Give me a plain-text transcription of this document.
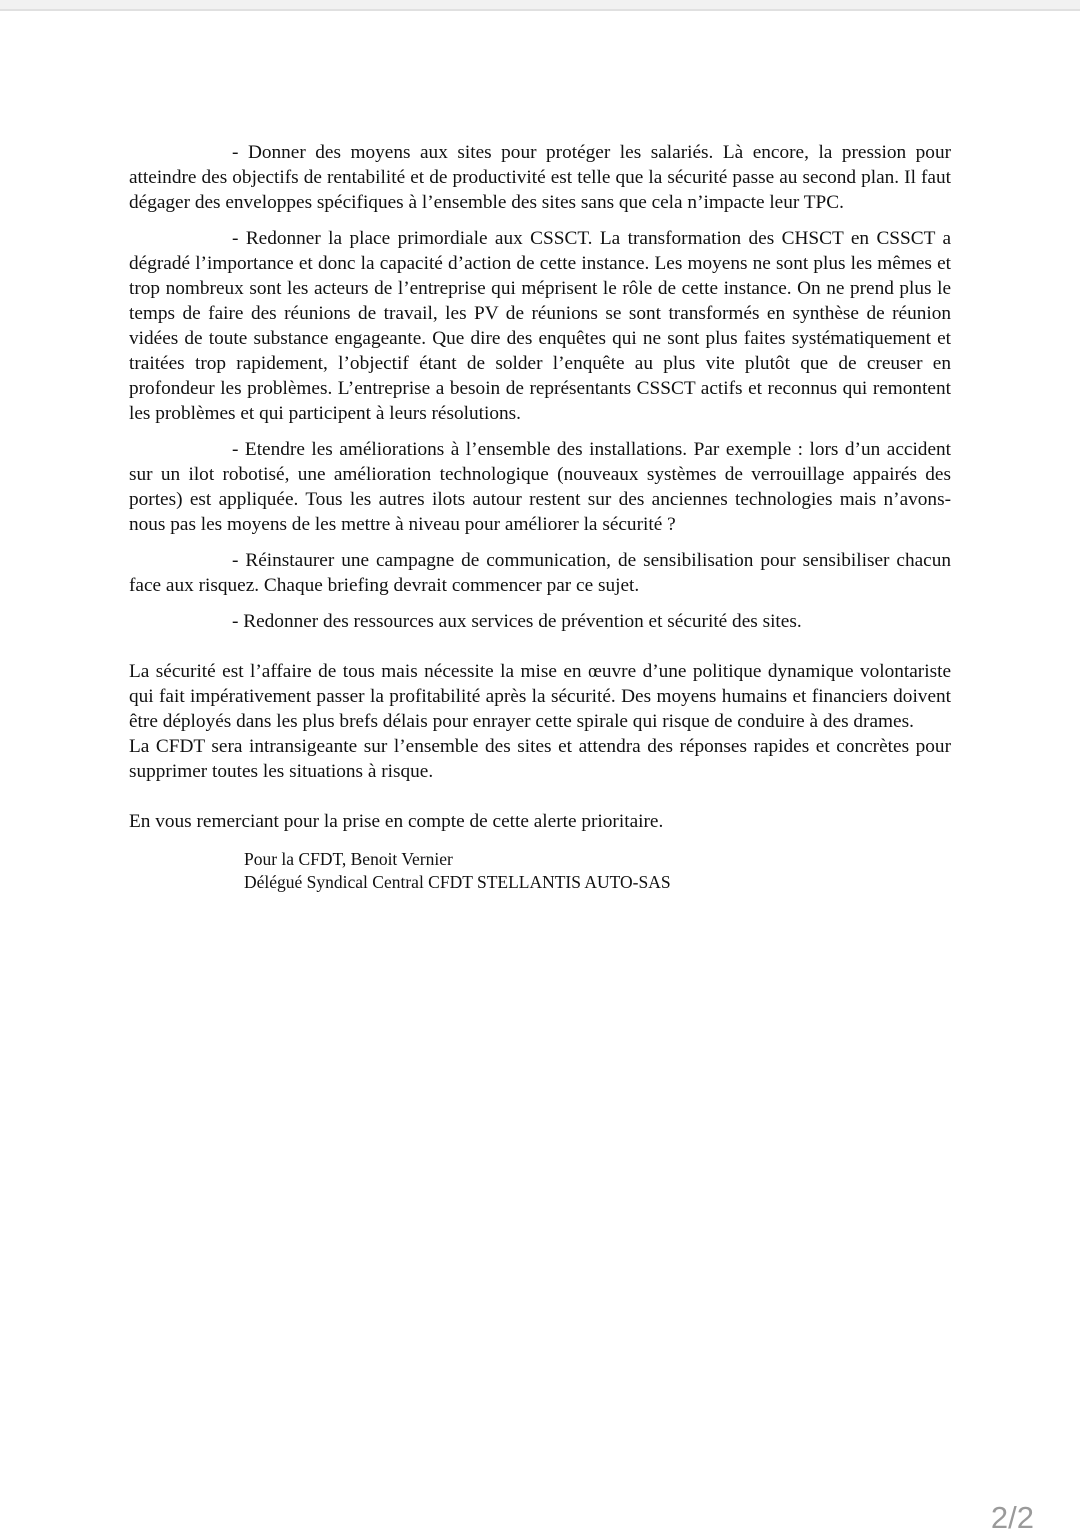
- Donner des moyens aux sites pour protéger les salariés. Là encore, la pression pour atteindre des objectifs de rentabilité et de productivité est telle que la sécurité passe au second plan. Il faut dégager des enveloppes spécifiques à l’ensemble des sites sans que cela n’impacte leur TPC.

- Redonner la place primordiale aux CSSCT. La transformation des CHSCT en CSSCT a dégradé l’importance et donc la capacité d’action de cette instance. Les moyens ne sont plus les mêmes et trop nombreux sont les acteurs de l’entreprise qui méprisent le rôle de cette instance. On ne prend plus le temps de faire des réunions de travail, les PV de réunions se sont transformés en synthèse de réunion vidées de toute substance engageante. Que dire des enquêtes qui ne sont plus faites systématiquement et traitées trop rapidement, l’objectif étant de solder l’enquête au plus vite plutôt que de creuser en profondeur les problèmes. L’entreprise a besoin de représentants CSSCT actifs et reconnus qui remontent les problèmes et qui participent à leurs résolutions.

- Etendre les améliorations à l’ensemble des installations. Par exemple : lors d’un accident sur un ilot robotisé, une amélioration technologique (nouveaux systèmes de verrouillage appairés des portes) est appliquée. Tous les autres ilots autour restent sur des anciennes technologies mais n’avons-nous pas les moyens de les mettre à niveau pour améliorer la sécurité ?

- Réinstaurer une campagne de communication, de sensibilisation pour sensibiliser chacun face aux risquez. Chaque briefing devrait commencer par ce sujet.

- Redonner des ressources aux services de prévention et sécurité des sites.

La sécurité est l’affaire de tous mais nécessite la mise en œuvre d’une politique dynamique volontariste qui fait impérativement passer la profitabilité après la sécurité. Des moyens humains et financiers doivent être déployés dans les plus brefs délais pour enrayer cette spirale qui risque de conduire à des drames.

La CFDT sera intransigeante sur l’ensemble des sites et attendra des réponses rapides et concrètes pour supprimer toutes les situations à risque.

En vous remerciant pour la prise en compte de cette alerte prioritaire.

Pour la CFDT, Benoit Vernier
Délégué Syndical Central CFDT STELLANTIS AUTO-SAS
2/2
